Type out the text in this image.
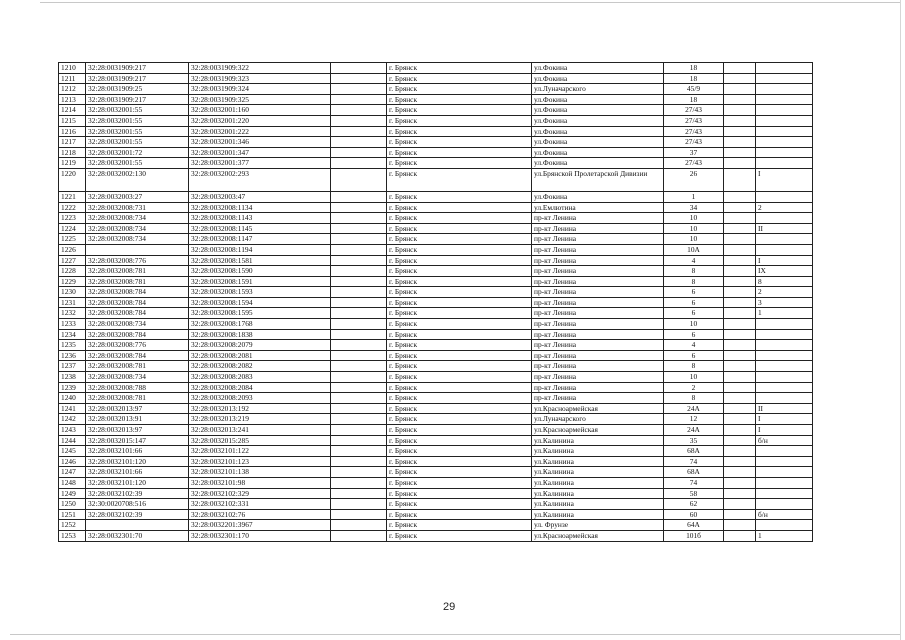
1210	32:28:0031909:217	32:28:0031909:322		г. Брянск	ул.Фокина	18		
1211	32:28:0031909:217	32:28:0031909:323		г. Брянск	ул.Фокина	18		
1212	32:28:0031909:25	32:28:0031909:324		г. Брянск	ул.Луначарского	45/9		
1213	32:28:0031909:217	32:28:0031909:325		г. Брянск	ул.Фокина	18		
1214	32:28:0032001:55	32:28:0032001:160		г. Брянск	ул.Фокина	27/43		
1215	32:28:0032001:55	32:28:0032001:220		г. Брянск	ул.Фокина	27/43		
1216	32:28:0032001:55	32:28:0032001:222		г. Брянск	ул.Фокина	27/43		
1217	32:28:0032001:55	32:28:0032001:346		г. Брянск	ул.Фокина	27/43		
1218	32:28:0032001:72	32:28:0032001:347		г. Брянск	ул.Фокина	37		
1219	32:28:0032001:55	32:28:0032001:377		г. Брянск	ул.Фокина	27/43		
1220	32:28:0032002:130	32:28:0032002:293		г. Брянск	ул.Брянской Пролетарской Дивизии	26		I
1221	32:28:0032003:27	32:28:0032003:47		г. Брянск	ул.Фокина	1		
1222	32:28:0032008:731	32:28:0032008:1134		г. Брянск	ул.Емлютина	34		2
1223	32:28:0032008:734	32:28:0032008:1143		г. Брянск	пр-кт Ленина	10		
1224	32:28:0032008:734	32:28:0032008:1145		г. Брянск	пр-кт Ленина	10		II
1225	32:28:0032008:734	32:28:0032008:1147		г. Брянск	пр-кт Ленина	10		
1226		32:28:0032008:1194		г. Брянск	пр-кт Ленина	10А		
1227	32:28:0032008:776	32:28:0032008:1581		г. Брянск	пр-кт Ленина	4		I
1228	32:28:0032008:781	32:28:0032008:1590		г. Брянск	пр-кт Ленина	8		IX
1229	32:28:0032008:781	32:28:0032008:1591		г. Брянск	пр-кт Ленина	8		8
1230	32:28:0032008:784	32:28:0032008:1593		г. Брянск	пр-кт Ленина	6		2
1231	32:28:0032008:784	32:28:0032008:1594		г. Брянск	пр-кт Ленина	6		3
1232	32:28:0032008:784	32:28:0032008:1595		г. Брянск	пр-кт Ленина	6		1
1233	32:28:0032008:734	32:28:0032008:1768		г. Брянск	пр-кт Ленина	10		
1234	32:28:0032008:784	32:28:0032008:1838		г. Брянск	пр-кт Ленина	6		
1235	32:28:0032008:776	32:28:0032008:2079		г. Брянск	пр-кт Ленина	4		
1236	32:28:0032008:784	32:28:0032008:2081		г. Брянск	пр-кт Ленина	6		
1237	32:28:0032008:781	32:28:0032008:2082		г. Брянск	пр-кт Ленина	8		
1238	32:28:0032008:734	32:28:0032008:2083		г. Брянск	пр-кт Ленина	10		
1239	32:28:0032008:788	32:28:0032008:2084		г. Брянск	пр-кт Ленина	2		
1240	32:28:0032008:781	32:28:0032008:2093		г. Брянск	пр-кт Ленина	8		
1241	32:28:0032013:97	32:28:0032013:192		г. Брянск	ул.Красноармейская	24А		II
1242	32:28:0032013:91	32:28:0032013:219		г. Брянск	ул.Луначарского	12		I
1243	32:28:0032013:97	32:28:0032013:241		г. Брянск	ул.Красноармейская	24А		I
1244	32:28:0032015:147	32:28:0032015:285		г. Брянск	ул.Калинина	35		б/н
1245	32:28:0032101:66	32:28:0032101:122		г. Брянск	ул.Калинина	68А		
1246	32:28:0032101:120	32:28:0032101:123		г. Брянск	ул.Калинина	74		
1247	32:28:0032101:66	32:28:0032101:138		г. Брянск	ул.Калинина	68А		
1248	32:28:0032101:120	32:28:0032101:98		г. Брянск	ул.Калинина	74		
1249	32:28:0032102:39	32:28:0032102:329		г. Брянск	ул.Калинина	58		
1250	32:30:0020708:516	32:28:0032102:331		г. Брянск	ул.Калинина	62		
1251	32:28:0032102:39	32:28:0032102:76		г. Брянск	ул.Калинина	60		б/н
1252		32:28:0032201:3967		г. Брянск	ул. Фрунзе	64А		
1253	32:28:0032301:70	32:28:0032301:170		г. Брянск	ул.Красноармейская	101б		1
29
